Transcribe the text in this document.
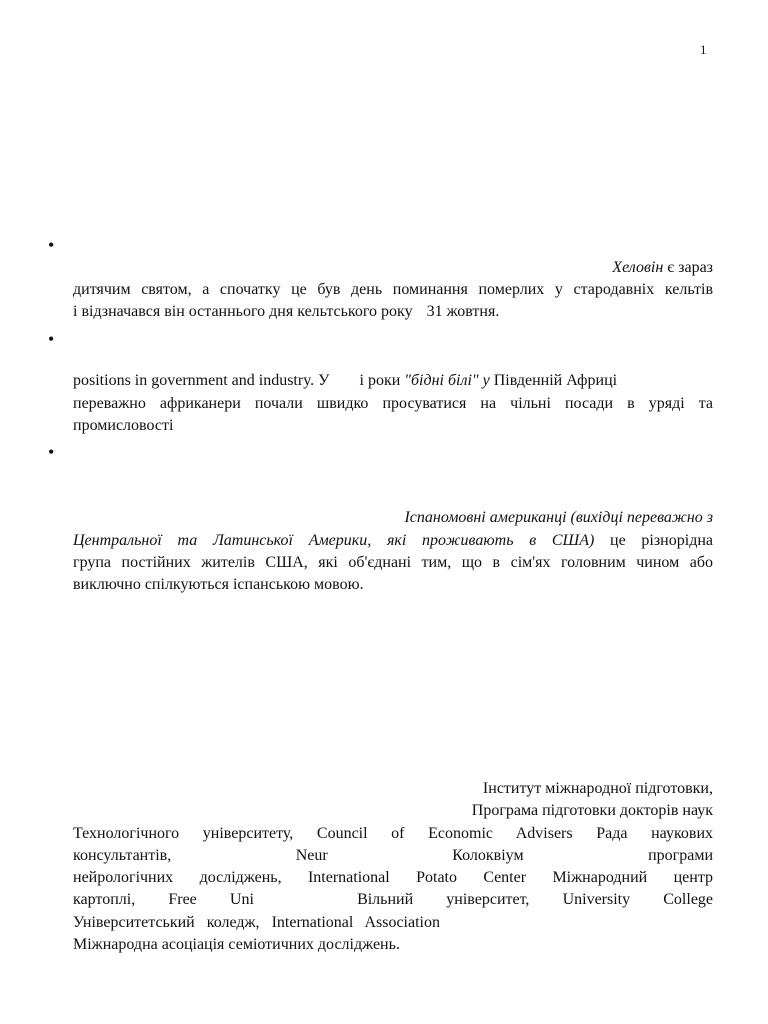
1
•
Хеловін є зараз
дитячим святом, а спочатку це був день поминання померлих у стародавніх кельтів
і відзначався він останнього дня кельтського року 31 жовтня.
•
positions in government and industry. У і роки "бідні білі" у Південній Африці
переважно африканери почали швидко просуватися на чільні посади в уряді та
промисловості
•
Іспаномовні американці (вихідці переважно з
Центральної та Латинської Америки, які проживають в США) це різнорідна
група постійних жителів США, які об'єднані тим, що в сім'ях головним чином або
виключно спілкуються іспанською мовою.
Інститут міжнародної підготовки,
Програма підготовки докторів наук
Технологічного університету, Council of Economic Advisers Рада наукових
консультантів, Neur	Колоквіум програми
нейрологічних досліджень, International Potato Center Міжнародний центр
картоплі, Free Uni	Вільний університет, University College
Університетський коледж, International Association
Міжнародна асоціація семіотичних досліджень.
